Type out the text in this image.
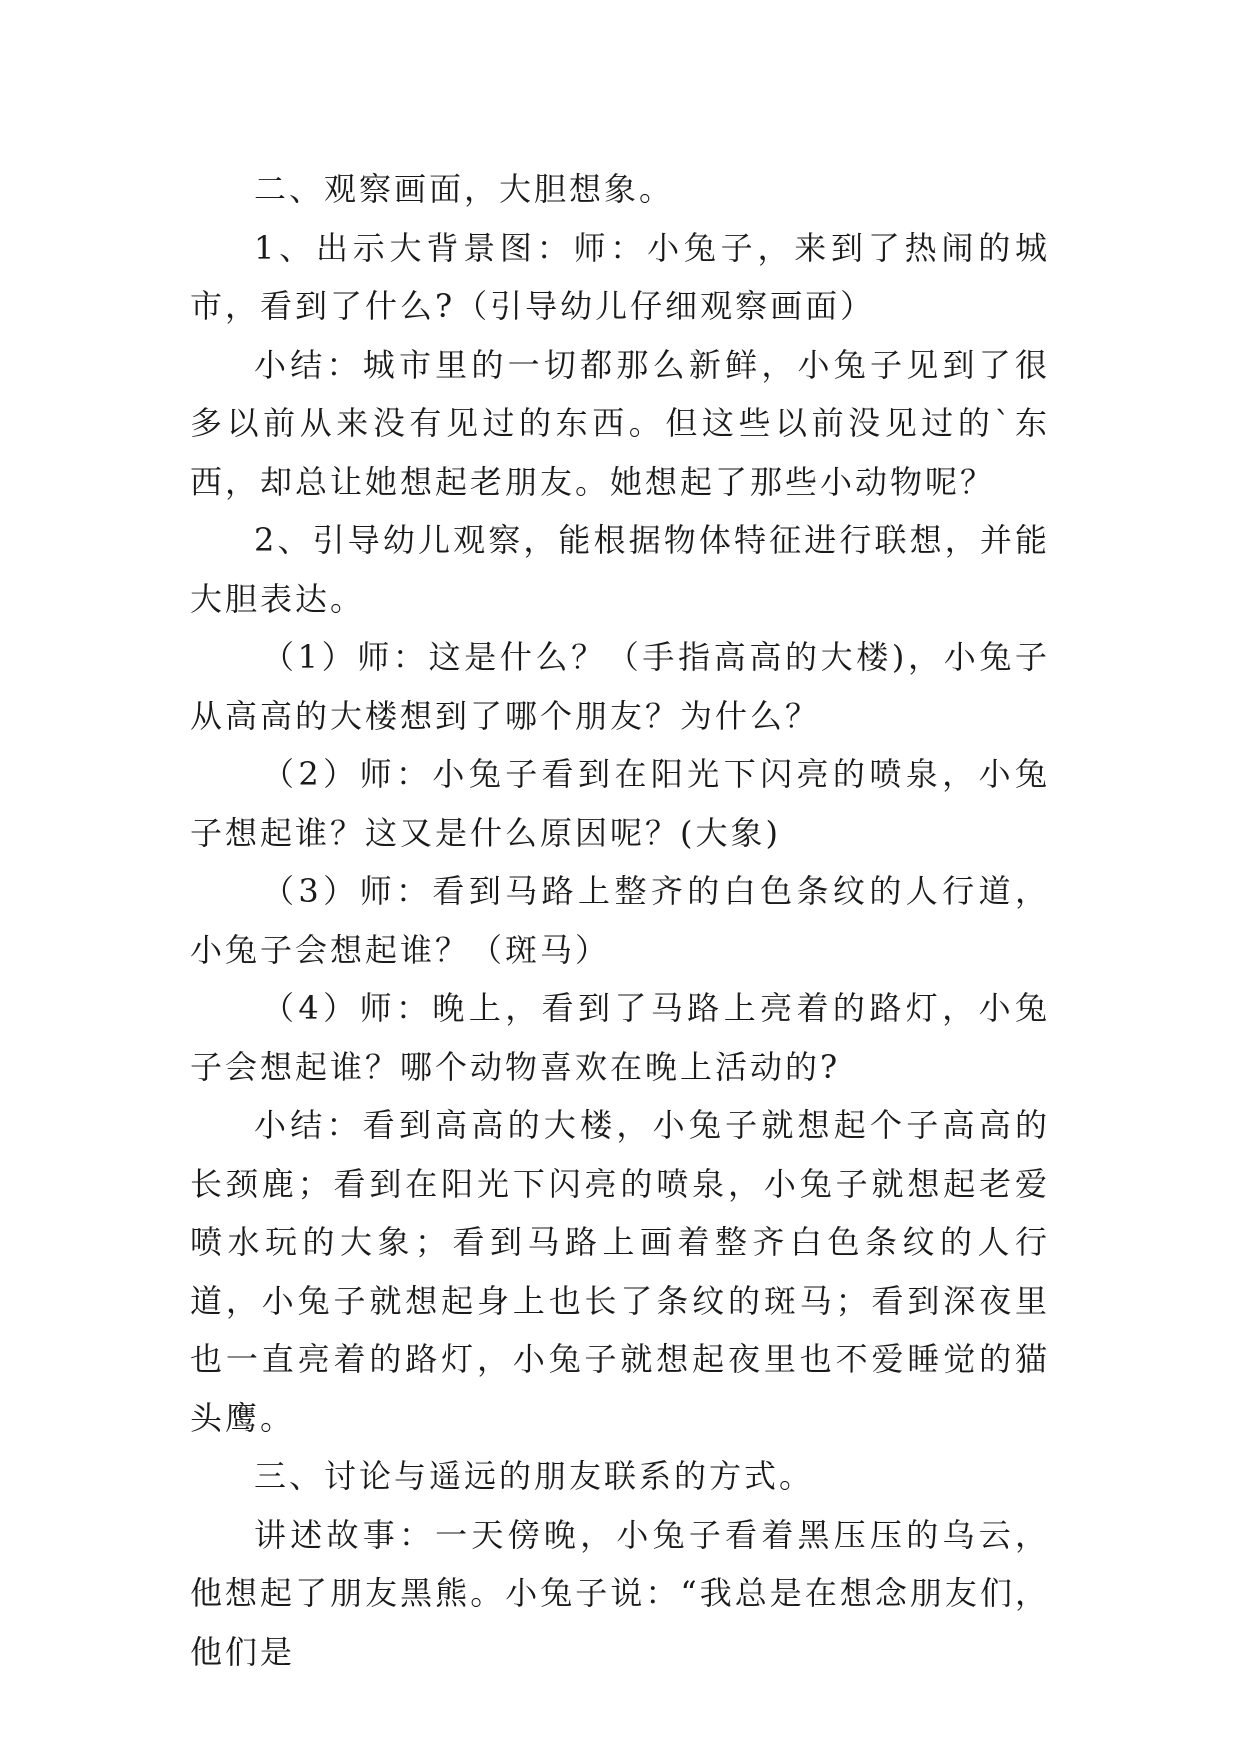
二、观察画面，大胆想象。

1、出示大背景图：师：小兔子，来到了热闹的城市，看到了什么?（引导幼儿仔细观察画面）

小结：城市里的一切都那么新鲜，小兔子见到了很多以前从来没有见过的东西。但这些以前没见过的`东西，却总让她想起老朋友。她想起了那些小动物呢？

2、引导幼儿观察，能根据物体特征进行联想，并能大胆表达。

（1）师：这是什么？（手指高高的大楼)，小兔子从高高的大楼想到了哪个朋友？为什么？

（2）师：小兔子看到在阳光下闪亮的喷泉，小兔子想起谁？这又是什么原因呢？(大象)

（3）师：看到马路上整齐的白色条纹的人行道，小兔子会想起谁？（斑马）

（4）师：晚上，看到了马路上亮着的路灯，小兔子会想起谁？哪个动物喜欢在晚上活动的?

小结：看到高高的大楼，小兔子就想起个子高高的长颈鹿；看到在阳光下闪亮的喷泉，小兔子就想起老爱喷水玩的大象；看到马路上画着整齐白色条纹的人行道，小兔子就想起身上也长了条纹的斑马；看到深夜里也一直亮着的路灯，小兔子就想起夜里也不爱睡觉的猫头鹰。

三、讨论与遥远的朋友联系的方式。

讲述故事：一天傍晚，小兔子看着黑压压的乌云，他想起了朋友黑熊。小兔子说：“我总是在想念朋友们，他们是
